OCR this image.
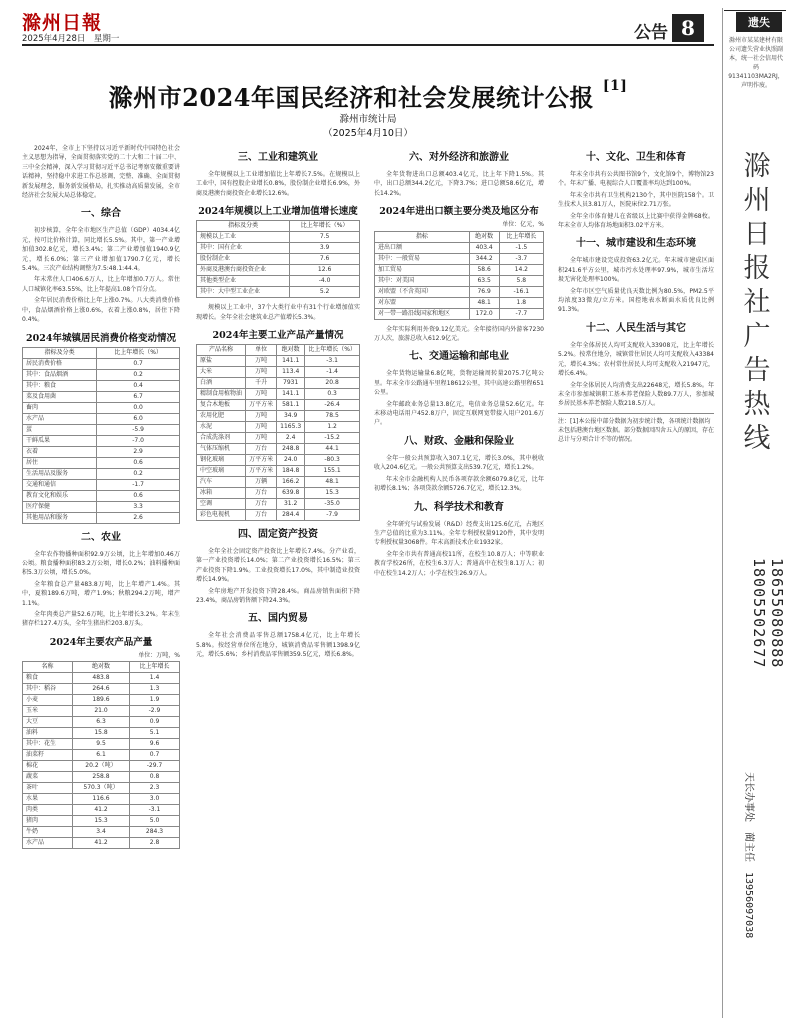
滁州日報
2025年4月28日　星期一	公告 8
滁州市2024年国民经济和社会发展统计公报 [1]
滁州市统计局
（2025年4月10日）

2024年，全市上下坚持以习近平新时代中国特色社会主义思想为指导，全面贯彻落实党的二十大和二十届二中、三中全会精神，深入学习贯彻习近平总书记考察安徽重要讲话精神，坚持稳中求进工作总基调，完整、准确、全面贯彻新发展理念，服务新发展格局，扎实推动高质量发展，全市经济社会发展大局总体稳定。

一、综合

初步核算，全年全市地区生产总值（GDP）4034.4亿元，按可比价格计算，同比增长5.5%。其中，第一产业增加值302.8亿元，增长3.4%；第二产业增加值1940.9亿元，增长6.0%；第三产业增加值1790.7亿元，增长5.4%。三次产业结构调整为7.5:48.1:44.4。

年末常住人口406.6万人，比上年增加0.7万人。常住人口城镇化率63.55%，比上年提高1.08个百分点。

全年居民消费价格比上年上涨0.7%。八大类消费价格中，食品烟酒价格上涨0.6%，衣着上涨0.8%，居住下降0.4%。

2024年城镇居民消费价格变动情况
指标及分类	比上年增长（%）
居民消费价格	0.7
其中：食品烟酒	0.2
其中：粮食	0.4
菜及食用菌	6.7
畜肉	0.0
水产品	6.0
蛋	-5.9
干鲜瓜果	-7.0
衣着	2.9
居住	0.6
生活用品及服务	0.2
交通和通信	-1.7
教育文化和娱乐	0.6
医疗保健	3.3
其他用品和服务	2.6
二、农业

全年农作物播种面积92.9万公顷，比上年增加0.46万公顷。粮食播种面积83.2万公顷，增长0.2%；油料播种面积5.3万公顷，增长5.0%。

全年粮食总产量483.8万吨，比上年增产1.4%。其中，夏粮189.6万吨，增产1.9%；秋粮294.2万吨，增产1.1%。

全年肉类总产量52.6万吨，比上年增长3.2%。年末生猪存栏127.4万头，全年生猪出栏203.8万头。

2024年主要农产品产量
单位：万吨，%
名称	绝对数	比上年增长
粮食	483.8	1.4
其中：稻谷	264.6	1.3
小麦	189.6	1.9
玉米	21.0	-2.9
大豆	6.3	0.9
油料	15.8	5.1
其中：花生	9.5	9.6
油菜籽	6.1	0.7
棉花	20.2（吨）	-29.7
蔬菜	258.8	0.8
茶叶	570.3（吨）	2.3
水果	116.6	3.0
肉类	41.2	-3.1
猪肉	15.3	5.0
牛奶	3.4	284.3
水产品	41.2	2.8
三、工业和建筑业

全年规模以上工业增加值比上年增长7.5%。在规模以上工业中，国有控股企业增长0.8%，股份制企业增长6.9%，外商及港澳台商投资企业增长12.6%。

2024年规模以上工业增加值增长速度
指标及分类	比上年增长（%）
规模以上工业	7.5
其中：国有企业	3.9
股份制企业	7.6
外商及港澳台商投资企业	12.6
其他类型企业	-4.0
其中：大中型工业企业	5.2

规模以上工业中，37个大类行业中有31个行业增加值实现增长。全年全社会建筑业总产值增长5.3%。

2024年主要工业产品产量情况
产品名称	单位	绝对数	比上年增长（%）
原盐	万吨	141.1	-3.1
大米	万吨	113.4	-1.4
白酒	千升	7931	20.8
精制食用植物油	万吨	141.1	0.3
复合木地板	万平方米	581.1	-26.4
农用化肥	万吨	34.9	78.5
水泥	万吨	1165.3	1.2
合成洗涤剂	万吨	2.4	-15.2
气体压缩机	万台	248.8	44.1
钢化玻璃	万平方米	24.0	-80.3
中空玻璃	万平方米	184.8	155.1
汽车	万辆	166.2	48.1
冰箱	万台	639.8	15.3
空调	万台	31.2	-35.0
彩色电视机	万台	284.4	-7.9
四、固定资产投资

全年全社会固定资产投资比上年增长7.4%。分产业看，第一产业投资增长14.0%；第二产业投资增长16.5%；第三产业投资下降1.9%。工业投资增长17.0%，其中制造业投资增长14.9%。

全年房地产开发投资下降28.4%。商品房销售面积下降23.4%，商品房销售额下降24.3%。

五、国内贸易

全年社会消费品零售总额1758.4亿元，比上年增长5.8%。按经营单位所在地分，城镇消费品零售额1398.9亿元，增长5.6%；乡村消费品零售额359.5亿元，增长6.8%。

六、对外经济和旅游业

全年货物进出口总额403.4亿元，比上年下降1.5%。其中，出口总额344.2亿元，下降3.7%；进口总额58.6亿元，增长14.2%。

2024年进出口额主要分类及地区分布
单位：亿元，%
指标	绝对数	比上年增长
进出口额	403.4	-1.5
其中：一般贸易	344.2	-3.7
加工贸易	58.6	14.2
其中：对美国	63.5	5.8
对欧盟（不含英国）	76.9	-16.1
对东盟	48.1	1.8
对一带一路沿线国家和地区	172.0	-7.7

全年实际利用外资9.12亿美元。全年接待国内外游客7230万人次，旅游总收入612.9亿元。

七、交通运输和邮电业

全年货物运输量6.8亿吨，货物运输周转量2075.7亿吨公里。年末全市公路通车里程18612公里，其中高速公路里程651公里。

全年邮政业务总量13.8亿元，电信业务总量52.6亿元。年末移动电话用户452.8万户，固定互联网宽带接入用户201.6万户。

八、财政、金融和保险业

全年一般公共预算收入307.1亿元，增长3.0%，其中税收收入204.6亿元。一般公共预算支出539.7亿元，增长1.2%。

年末全市金融机构人民币各项存款余额6079.8亿元，比年初增长8.1%；各项贷款余额5726.7亿元，增长12.3%。

九、科学技术和教育

全年研究与试验发展（R&D）经费支出125.6亿元，占地区生产总值的比重为3.11%。全年专利授权量9120件，其中发明专利授权量3068件。年末高新技术企业1932家。

全年全市共有普通高校11所，在校生10.8万人；中等职业教育学校26所，在校生6.3万人；普通高中在校生8.1万人；初中在校生14.2万人；小学在校生26.9万人。

十、文化、卫生和体育

年末全市共有公共图书馆9个，文化馆9个，博物馆23个。年末广播、电视综合人口覆盖率均达到100%。

年末全市共有卫生机构2130个，其中医院158个。卫生技术人员3.81万人，医院床位2.71万张。

全年全市体育健儿在省级以上比赛中获得金牌68枚。年末全市人均体育场地面积3.02平方米。

十一、城市建设和生态环境

全年城市建设完成投资63.2亿元。年末城市建成区面积241.6平方公里，城市污水处理率97.9%，城市生活垃圾无害化处理率100%。

全年市区空气质量优良天数比例为80.5%，PM2.5平均浓度33微克/立方米。国控地表水断面水质优良比例91.3%。

十二、人民生活与其它

全年全体居民人均可支配收入33908元，比上年增长5.2%。按常住地分，城镇常住居民人均可支配收入43384元，增长4.3%；农村常住居民人均可支配收入21947元，增长6.4%。

全年全体居民人均消费支出22648元，增长5.8%。年末全市参加城镇职工基本养老保险人数89.7万人，参加城乡居民基本养老保险人数218.5万人。

注：[1]本公报中部分数据为初步统计数，各项统计数据均未包括港澳台地区数据。部分数据因四舍五入的原因，存在总计与分项合计不等的情况。
遗失
滁州市某某建材有限公司遗失营业执照副本，统一社会信用代码91341103MA2RJ，声明作废。
滁州日报社广告热线
18655080888
18005502677
天长办事处　蔺主任　13956097038
